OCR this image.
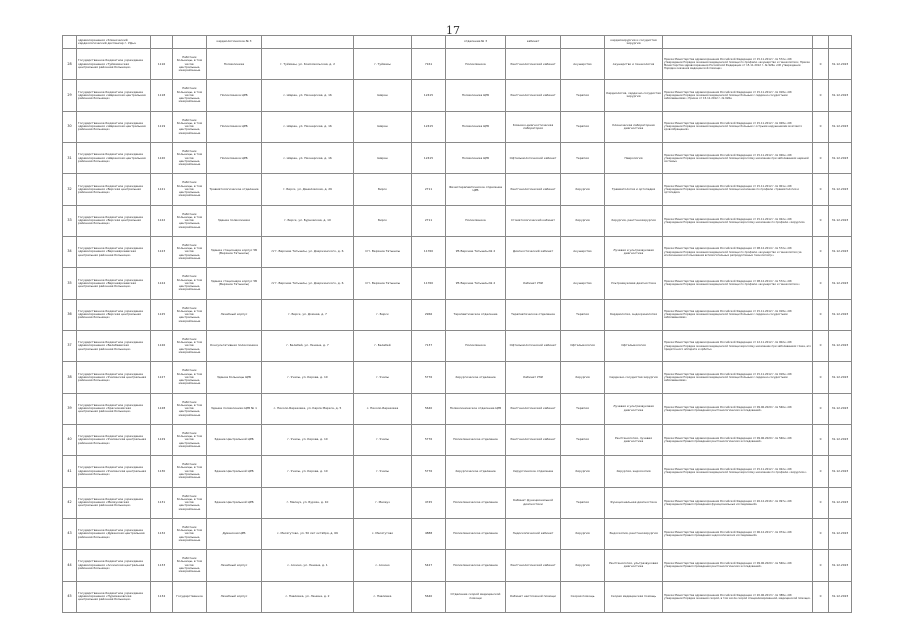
17
	здравоохранения «Клинический кардиологический диспансер г. Уфы»			кардиологическое № 3				отделение № 3	кабинет		кардиохирургия и сосудистая хирургия			
28	Государственное бюджетное учреждение здравоохранения «Туймазинская центральная районная больница»	1116	Работник больницы, в том числе: центральные, межрайонные	Поликлиника	г. Туймазы, ул. Комсомольская, д. 2	г. Туймазы	7161	Поликлиника	Рентгенологический кабинет	Акушерство	Акушерство и гинекология	Приказ Министерства здравоохранения Российской Федерации от 15.11.2012 г. № 572н «Об утверждении Порядка оказания медицинской помощи по профилю «акушерство и гинекология»; Приказ Министерства здравоохранения Российской Федерации от 15.11.2012 г. № 926н «Об утверждении Порядка оказания медицинской помощи»	0	31.12.2023
29	Государственное бюджетное учреждение здравоохранения «Шаранская центральная районная больница»	1118	Работник больницы, в том числе: центральные, межрайонные	Поликлиника ЦРБ	с. Шаран, ул. Пионерская, д. 16	Шаран	12415	Поликлиника ЦРБ	Рентгенологический кабинет	Терапия	Кардиология, сердечно-сосудистая хирургия	Приказ Министерства здравоохранения Российской Федерации от 15.11.2012 г. № 918н «Об утверждении Порядка оказания медицинской помощи больным с сердечно-сосудистыми заболеваниями»; Приказ от 15.11.2012 г. № 926н	0	31.12.2023
30	Государственное бюджетное учреждение здравоохранения «Шаранская центральная районная больница»	1119	Работник больницы, в том числе: центральные, межрайонные	Поликлиника ЦРБ	с. Шаран, ул. Пионерская, д. 16	Шаран	12415	Поликлиника ЦРБ	Клинико-диагностическая лаборатория	Терапия	Клиническая лабораторная диагностика	Приказ Министерства здравоохранения Российской Федерации от 15.11.2012 г. № 928н «Об утверждении Порядка оказания медицинской помощи больным с острыми нарушениями мозгового кровообращения»	0	31.12.2023
31	Государственное бюджетное учреждение здравоохранения «Шаранская центральная районная больница»	1120	Работник больницы, в том числе: центральные, межрайонные	Поликлиника ЦРБ	с. Шаран, ул. Пионерская, д. 16	Шаран	12415	Поликлиника ЦРБ	Офтальмологический кабинет	Терапия	Неврология	Приказ Министерства здравоохранения Российской Федерации от 15.11.2012 г. № 926н «Об утверждении Порядка оказания медицинской помощи взрослому населению при заболеваниях нервной системы»	0	31.12.2023
32	Государственное бюджетное учреждение здравоохранения «Бирская центральная районная больница»	1121	Работник больницы, в том числе: центральные, межрайонные	Травматологическое отделение	г. Бирск, ул. Даниловская, д. 26	Бирск	2711	Физиотерапевтическое отделение ЦРБ	Рентгенологический кабинет	Хирургия	Травматология и ортопедия	Приказ Министерства здравоохранения Российской Федерации от 15.11.2012 г. № 901н «Об утверждении Порядка оказания медицинской помощи населению по профилю «травматология и ортопедия»	0	31.12.2023
33	Государственное бюджетное учреждение здравоохранения «Бирская центральная районная больница»	1122	Работник больницы, в том числе: центральные, межрайонные	Здание поликлиники	г. Бирск, ул. Бурновская, д. 10	Бирск	2711	Поликлиника	Стоматологический кабинет	Хирургия	Хирургия, рентгенохирургия	Приказ Министерства здравоохранения Российской Федерации от 15.11.2012 г. № 922н «Об утверждении Порядка оказания медицинской помощи взрослому населению по профилю «хирургия»	0	31.12.2023
34	Государственное бюджетное учреждение здравоохранения «Верхнеяркеевская центральная районная больница»	1123	Работник больницы, в том числе: центральные, межрайонные	Здание стационара корпус УБ (Верхние Татышлы)	пгт. Верхние Татышлы, ул. Дзержинского, д. 6	пгт. Верхние Татышлы	11760	УБ Верхние Татышлы № 2	Диагностический кабинет	Акушерство	Лучевая и ультразвуковая диагностика	Приказ Министерства здравоохранения Российской Федерации от 08.12.2014 г. № 572н «Об утверждении Порядка оказания медицинской помощи по профилю «акушерство и гинекология (за исключением использования вспомогательных репродуктивных технологий)»»	0	31.12.2023
35	Государственное бюджетное учреждение здравоохранения «Верхнеяркеевская центральная районная больница»	1124	Работник больницы, в том числе: центральные, межрайонные	Здание стационара корпус УБ (Верхние Татышлы)	пгт. Верхние Татышлы, ул. Дзержинского, д. 6	пгт. Верхние Татышлы	11760	УБ Верхние Татышлы № 2	Кабинет УЗИ	Акушерство	Ультразвуковая диагностика	Приказ Министерства здравоохранения Российской Федерации от 08.12.2014 г. № 572н «Об утверждении Порядка оказания медицинской помощи по профилю «акушерство и гинекология»»	0	31.12.2023
36	Государственное бюджетное учреждение здравоохранения «Бирская центральная районная больница»	1125	Работник больницы, в том числе: центральные, межрайонные	Лечебный корпус	г. Бирск, ул. Домная, д. 7	г. Бирск	2966	Терапевтическое отделение	Терапевтическое отделение	Терапия	Кардиология, эндокринология	Приказ Министерства здравоохранения Российской Федерации от 15.11.2012 г. № 918н «Об утверждении Порядка оказания медицинской помощи больным с сердечно-сосудистыми заболеваниями»	0	31.12.2023
37	Государственное бюджетное учреждение здравоохранения «Белебеевская центральная районная больница»	1126	Работник больницы, в том числе: центральные, межрайонные	Консультативная поликлиника	г. Белебей, ул. Ленина, д. 7	г. Белебей	7137	Поликлиника	Офтальмологический кабинет	Офтальмология	Офтальмология	Приказ Министерства здравоохранения Российской Федерации от 12.11.2012 г. № 902н «Об утверждении Порядка оказания медицинской помощи взрослому населению при заболеваниях глаза, его придаточного аппарата и орбиты»	0	31.12.2023
38	Государственное бюджетное учреждение здравоохранения «Учалинская центральная районная больница»	1127	Работник больницы, в том числе: центральные, межрайонные	Здание больницы ЦРБ	г. Учалы, ул. Кирова, д. 10	г. Учалы	5776	Хирургическое отделение	Кабинет УЗИ	Хирургия	Сердечно-сосудистая хирургия	Приказ Министерства здравоохранения Российской Федерации от 15.11.2012 г. № 918н «Об утверждении Порядка оказания медицинской помощи больным с сердечно-сосудистыми заболеваниями»	0	31.12.2023
39	Государственное бюджетное учреждение здравоохранения «Краснокамская центральная районная больница»	1128	Работник больницы, в том числе: центральные, межрайонные	Здание поликлиники ЦРБ № 1	с. Николо-Березовка, ул. Карла Маркса, д. 5	с. Николо-Березовка	5640	Поликлиническое отделение ЦРБ	Рентгенологический кабинет	Терапия	Лучевая и ультразвуковая диагностика	Приказ Министерства здравоохранения Российской Федерации от 09.06.2020 г. № 560н «Об утверждении Правил проведения рентгенологических исследований»	0	31.12.2023
40	Государственное бюджетное учреждение здравоохранения «Учалинская центральная районная больница»	1129	Работник больницы, в том числе: центральные, межрайонные	Здание Центральной ЦРБ	г. Учалы, ул. Кирова, д. 10	г. Учалы	5776	Поликлиническое отделение	Рентгенологический кабинет	Терапия	Рентгенология, лучевая диагностика	Приказ Министерства здравоохранения Российской Федерации от 09.06.2020 г. № 560н «Об утверждении Правил проведения рентгенологических исследований»	0	31.12.2023
41	Государственное бюджетное учреждение здравоохранения «Учалинская центральная районная больница»	1130	Работник больницы, в том числе: центральные, межрайонные	Здание Центральной ЦРБ	г. Учалы, ул. Кирова, д. 10	г. Учалы	5776	Хирургическое отделение	Хирургическое отделение	Хирургия	Хирургия, эндоскопия	Приказ Министерства здравоохранения Российской Федерации от 15.11.2012 г. № 922н «Об утверждении Порядка оказания медицинской помощи взрослому населению по профилю «хирургия»»	0	31.12.2023
42	Государственное бюджетное учреждение здравоохранения «Мелеузовская центральная районная больница»	1131	Работник больницы, в том числе: центральные, межрайонные	Здание Центральной ЦРБ	г. Мелеуз, ул. Бурзян, д. 10	г. Мелеуз	4745	Поликлиническое отделение	Кабинет функциональной диагностики	Терапия	Функциональная диагностика	Приказ Министерства здравоохранения Российской Федерации от 26.12.2016 г. № 997н «Об утверждении Правил проведения функциональных исследований»	0	31.12.2023
43	Государственное бюджетное учреждение здравоохранения «Дуванская центральная районная больница»	1132	Работник больницы, в том числе: центральные, межрайонные	Дуванская ЦРБ	с. Месягутово, ул. 50 лет октября, д. 66	с. Месягутово	4888	Поликлиническое отделение	Эндоскопический кабинет	Хирургия	Эндоскопия, рентгенохирургия	Приказ Министерства здравоохранения Российской Федерации от 06.12.2017 г. № 974н «Об утверждении Правил проведения эндоскопических исследований»	0	31.12.2023
44	Государственное бюджетное учреждение здравоохранения «Аскинская центральная районная больница»	1133	Работник больницы, в том числе: центральные, межрайонные	Лечебный корпус	с. Аскино, ул. Ленина, д. 1	с. Аскино	5427	Поликлиническое отделение	Рентгенологический кабинет	Хирургия	Рентгенология, ультразвуковая диагностика	Приказ Министерства здравоохранения Российской Федерации от 09.06.2020 г. № 560н «Об утверждении Правил проведения рентгенологических исследований»	0	31.12.2023
45	Государственное бюджетное учреждение здравоохранения «Нуримановская центральная районная больница»	1134	Государственное	Лечебный корпус	с. Павловка, ул. Ленина, д. 2	с. Павловка	5640	Отделение скорой медицинской помощи	Кабинет неотложной помощи	Скорая помощь	Скорая медицинская помощь	Приказ Министерства здравоохранения Российской Федерации от 20.06.2013 г. № 388н «Об утверждении Порядка оказания скорой, в том числе скорой специализированной, медицинской помощи»	0	31.12.2023
